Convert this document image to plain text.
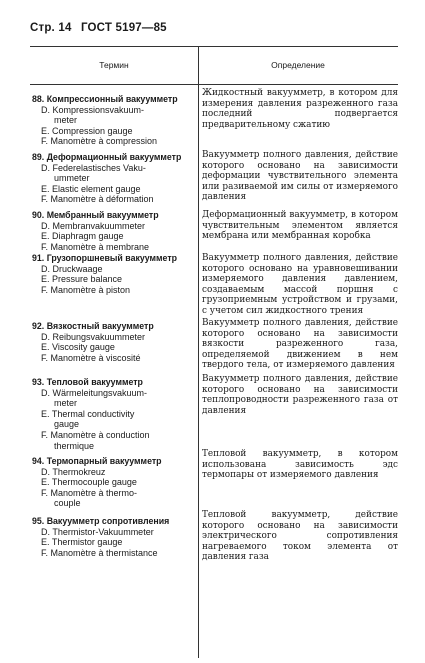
Стр. 14 ГОСТ 5197—85
Термин	Определение
88. Компрессионный вакуумметр
D. Kompressionsvakuum-
meter
E. Compression gauge
F. Manomètre à compression

Жидкостный вакуумметр, в котором для измерения давления разреженного газа последний подвергается предварительному сжатию

89. Деформационный вакуумметр
D. Federelastisches Vaku-
ummeter
E. Elastic element gauge
F. Manomètre à déformation

Вакуумметр полного давления, действие которого основано на зависимости деформации чувствительного элемента или разиваемой им силы от измеряемого давления

90. Мембранный вакуумметр
D. Membranvakuummeter
E. Diaphragm gauge
F. Manomètre à membrane

Деформационный вакуумметр, в котором чувствительным элементом является мембрана или мембранная коробка

91. Грузопоршневый вакуумметр
D. Druckwaage
E. Pressure balance
F. Manomètre à piston

Вакуумметр полного давления, действие которого основано на уравновешивании измеряемого давления давлением, создаваемым массой поршня с грузоприемным устройством и грузами, с учетом сил жидкостного трения

92. Вязкостный вакуумметр
D. Reibungsvakuummeter
E. Viscosity gauge
F. Manomètre à viscosité

Вакуумметр полного давления, действие которого основано на зависимости вязкости разреженного газа, определяемой движением в нем твердого тела, от измеряемого давления

93. Тепловой вакуумметр
D. Wärmeleitungsvakuum-
meter
E. Thermal conductivity
gauge
F. Manomètre à conduction
thermique

Вакуумметр полного давления, действие которого основано на зависимости теплопроводности разреженного газа от давления

94. Термопарный вакуумметр
D. Thermokreuz
E. Thermocouple gauge
F. Manomètre à thermo-
couple

Тепловой вакуумметр, в котором использована зависимость эдс термопары от измеряемого давления

95. Вакуумметр сопротивления
D. Thermistor-Vakuummeter
E. Thermistor gauge
F. Manomètre à thermistance

Тепловой вакуумметр, действие которого основано на зависимости электрического сопротивления нагреваемого током элемента от давления газа
